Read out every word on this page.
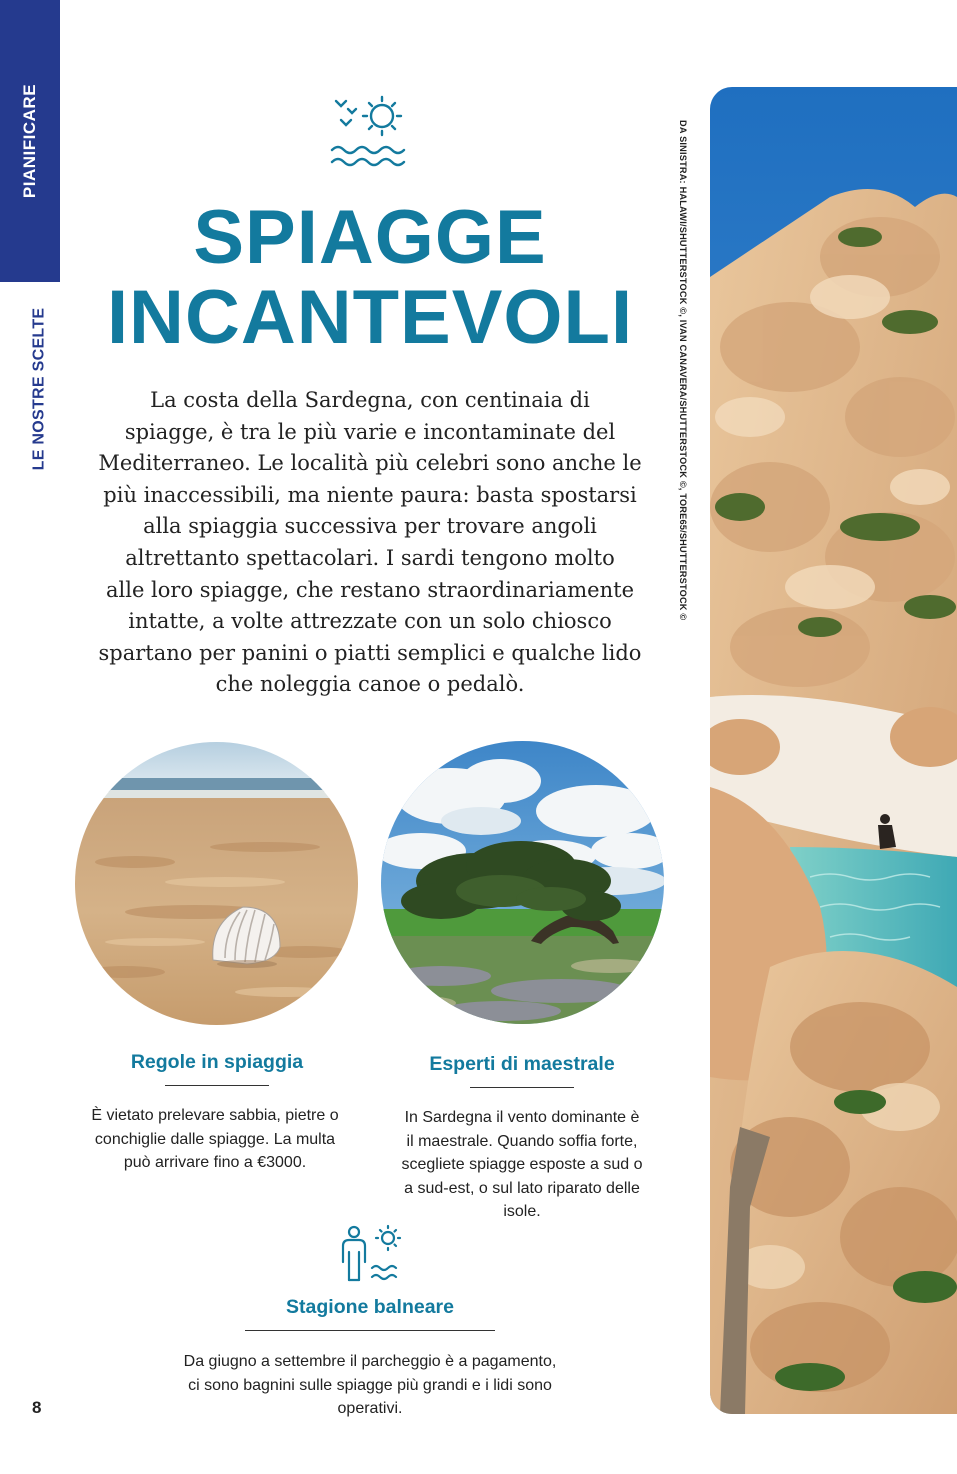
PIANIFICARE
LE NOSTRE SCELTE
SPIAGGE
INCANTEVOLI
La costa della Sardegna, con centinaia di
spiagge, è tra le più varie e incontaminate del
Mediterraneo. Le località più celebri sono anche le
più inaccessibili, ma niente paura: basta spostarsi
alla spiaggia successiva per trovare angoli
altrettanto spettacolari. I sardi tengono molto
alle loro spiagge, che restano straordinariamente
intatte, a volte attrezzate con un solo chiosco
spartano per panini o piatti semplici e qualche lido
che noleggia canoe o pedalò.
Regole in spiaggia
È vietato prelevare sabbia, pietre o
conchiglie dalle spiagge. La multa
può arrivare fino a €3000.
Esperti di maestrale
In Sardegna il vento dominante è
il maestrale. Quando soffia forte,
scegliete spiagge esposte a sud o
a sud-est, o sul lato riparato delle
isole.
Stagione balneare
Da giugno a settembre il parcheggio è a pagamento,
ci sono bagnini sulle spiagge più grandi e i lidi sono
operativi.
8
DA SINISTRA: HALAWI/SHUTTERSTOCK ©, IVAN CANAVERA/SHUTTERSTOCK ©, TORE65/SHUTTERSTOCK ©
